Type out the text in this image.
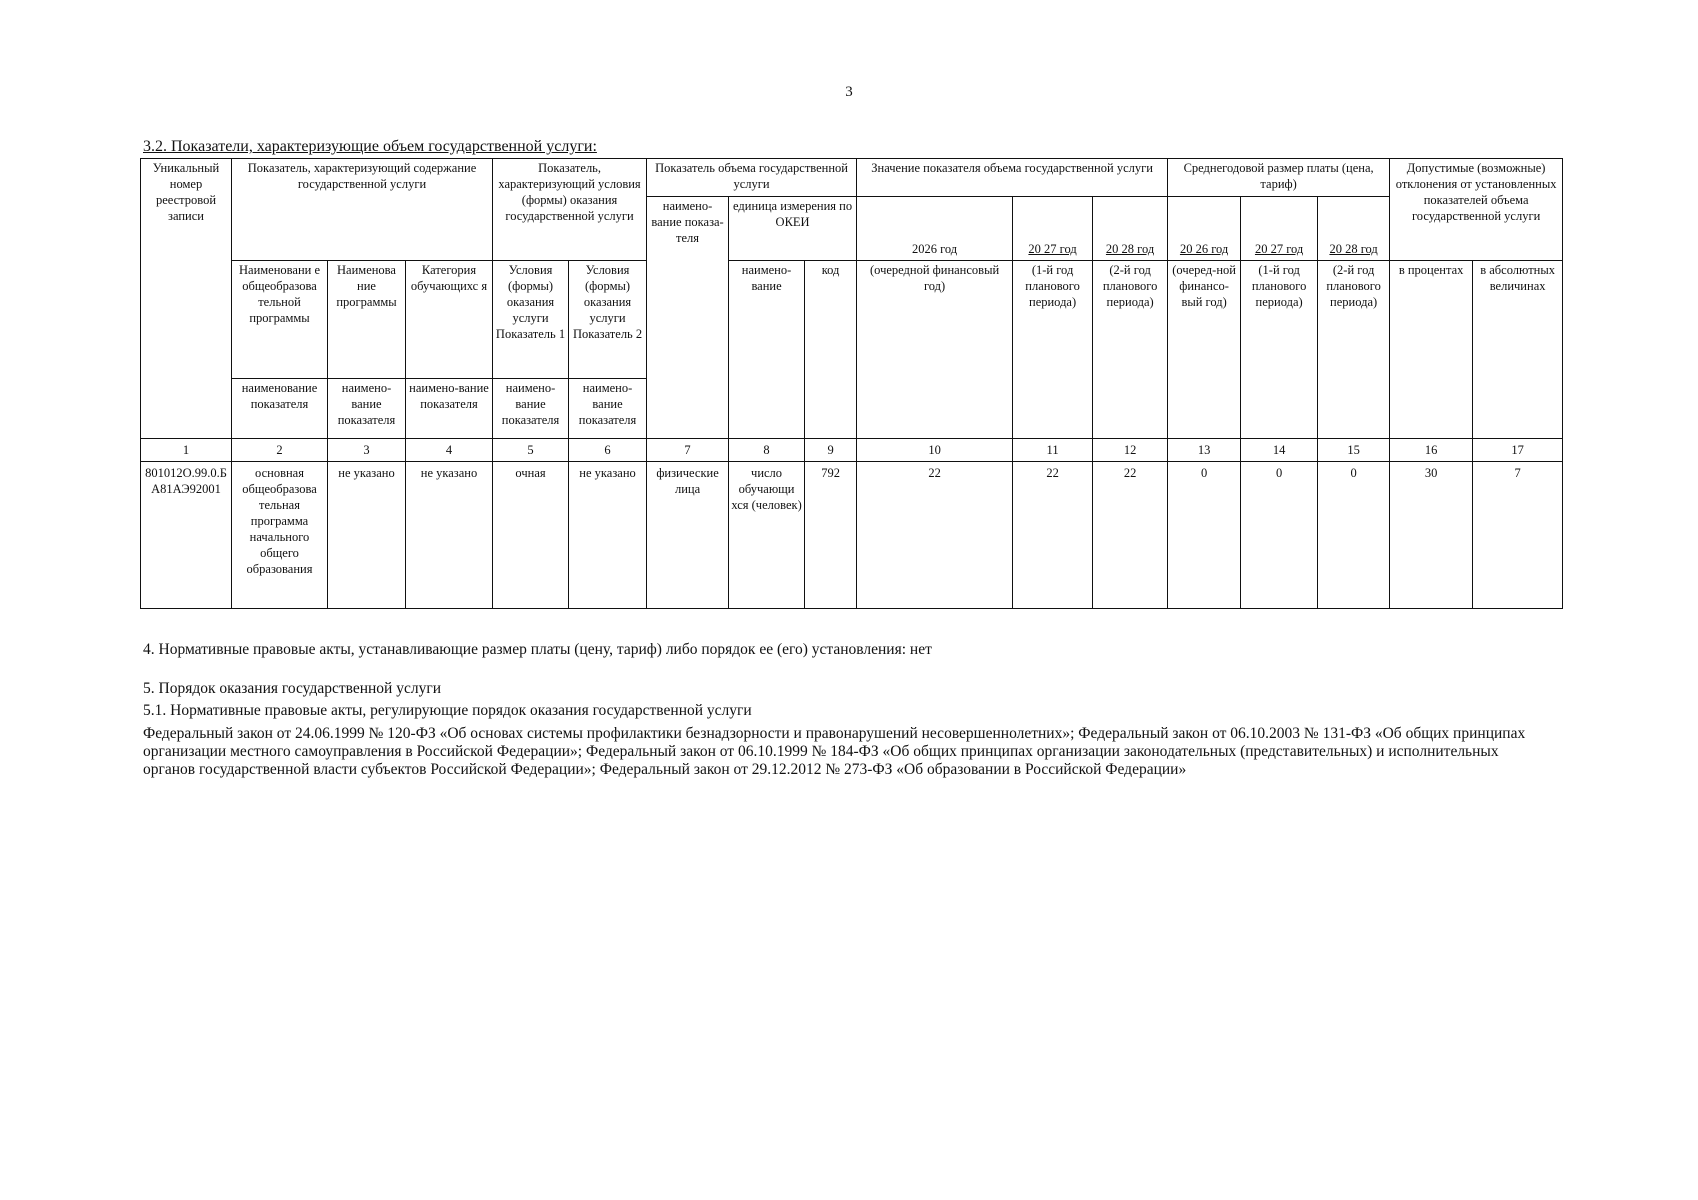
3
3.2. Показатели, характеризующие объем государственной услуги:
Уникальный номер реестровой записи	Показатель, характеризующий содержание государственной услуги			Показатель, характеризующий условия (формы) оказания государственной услуги		Показатель объема государственной услуги			Значение показателя объема государственной услуги			Среднегодовой размер платы (цена, тариф)			Допустимые (возможные) отклонения от установленных показателей объема государственной услуги	
						наимено-вание показа-теля	единица измерения по ОКЕИ		2026 год	20 27 год	20 28 год	20 26 год	20 27 год	20 28 год		
	Наименовани е общеобразова тельной программы	Наименова ние программы	Категория обучающихс я	Условия (формы) оказания услуги Показатель 1	Условия (формы) оказания услуги Показатель 2		наимено-вание	код	(очередной финансовый год)	(1-й год планового периода)	(2-й год планового периода)	(очеред-ной финансо-вый год)	(1-й год планового периода)	(2-й год планового периода)	в процентах	в абсолютных величинах
	наименование показателя	наимено-вание показателя	наимено-вание показателя	наимено-вание показателя	наимено-вание показателя											
1	2	3	4	5	6	7	8	9	10	11	12	13	14	15	16	17
801012О.99.0.БА81АЭ92001	основная общеобразова тельная программа начального общего образования	не указано	не указано	очная	не указано	физические лица	число обучающи хся (человек)	792	22	22	22	0	0	0	30	7
4. Нормативные правовые акты, устанавливающие размер платы (цену, тариф) либо порядок ее (его) установления: нет
5. Порядок оказания государственной услуги
5.1. Нормативные правовые акты, регулирующие порядок оказания государственной услуги
Федеральный закон от 24.06.1999 № 120-ФЗ «Об основах системы профилактики безнадзорности и правонарушений несовершеннолетних»; Федеральный закон от 06.10.2003 № 131-ФЗ «Об общих принципах организации местного самоуправления в Российской Федерации»; Федеральный закон от 06.10.1999 № 184-ФЗ «Об общих принципах организации законодательных (представительных) и исполнительных органов государственной власти субъектов Российской Федерации»; Федеральный закон от 29.12.2012 № 273-ФЗ «Об образовании в Российской Федерации»
